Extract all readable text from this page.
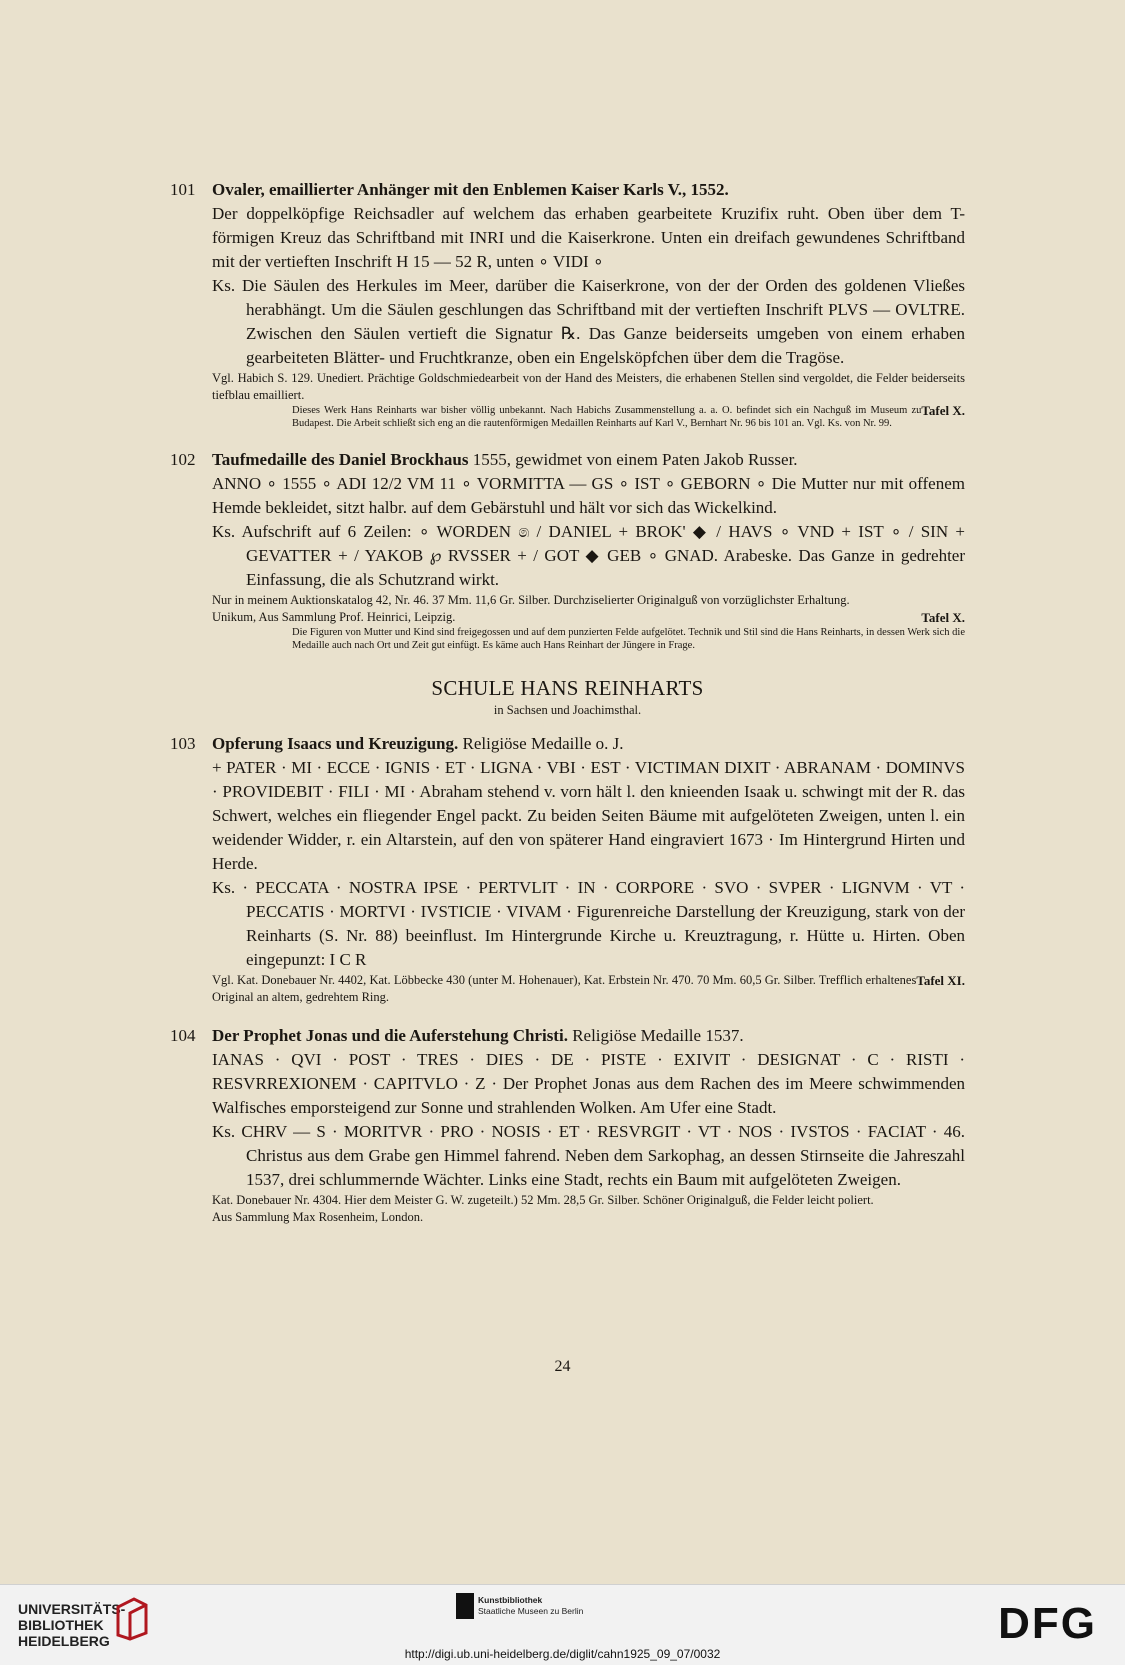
101 Ovaler, emaillierter Anhänger mit den Enblemen Kaiser Karls V., 1552.

Der doppelköpfige Reichsadler auf welchem das erhaben gearbeitete Kruzifix ruht. Oben über dem T-förmigen Kreuz das Schriftband mit INRI und die Kaiserkrone. Unten ein dreifach gewundenes Schriftband mit der vertieften Inschrift H 15 — 52 R, unten ∘ VIDI ∘

Ks. Die Säulen des Herkules im Meer, darüber die Kaiserkrone, von der der Orden des goldenen Vließes herabhängt. Um die Säulen geschlungen das Schriftband mit der vertieften Inschrift PLVS — OVLTRE. Zwischen den Säulen vertieft die Signatur ℞. Das Ganze beiderseits umgeben von einem erhaben gearbeiteten Blätter- und Fruchtkranze, oben ein Engelsköpfchen über dem die Tragöse.

Vgl. Habich S. 129. Unediert. Prächtige Goldschmiedearbeit von der Hand des Meisters, die erhabenen Stellen sind vergoldet, die Felder beiderseits tiefblau emailliert.

Tafel X.
Dieses Werk Hans Reinharts war bisher völlig unbekannt. Nach Habichs Zusammenstellung a. a. O. befindet sich ein Nachguß im Museum zu Budapest. Die Arbeit schließt sich eng an die rautenförmigen Medaillen Reinharts auf Karl V., Bernhart Nr. 96 bis 101 an. Vgl. Ks. von Nr. 99.

102 Taufmedaille des Daniel Brockhaus 1555, gewidmet von einem Paten Jakob Russer.

ANNO ∘ 1555 ∘ ADI 12/2 VM 11 ∘ VORMITTA — GS ∘ IST ∘ GEBORN ∘ Die Mutter nur mit offenem Hemde bekleidet, sitzt halbr. auf dem Gebärstuhl und hält vor sich das Wickelkind.

Ks. Aufschrift auf 6 Zeilen: ∘ WORDEN ෧ / DANIEL + BROK' ◆ / HAVS ∘ VND + IST ∘ / SIN + GEVATTER + / YAKOB ℘ RVSSER + / GOT ◆ GEB ∘ GNAD. Arabeske. Das Ganze in gedrehter Einfassung, die als Schutzrand wirkt.

Nur in meinem Auktionskatalog 42, Nr. 46. 37 Mm. 11,6 Gr. Silber. Durchziselierter Originalguß von vorzüglichster Erhaltung.

Tafel X.
Unikum, Aus Sammlung Prof. Heinrici, Leipzig.

Die Figuren von Mutter und Kind sind freigegossen und auf dem punzierten Felde aufgelötet. Technik und Stil sind die Hans Reinharts, in dessen Werk sich die Medaille auch nach Ort und Zeit gut einfügt. Es käme auch Hans Reinhart der Jüngere in Frage.

SCHULE HANS REINHARTS
in Sachsen und Joachimsthal.
103 Opferung Isaacs und Kreuzigung. Religiöse Medaille o. J.

+ PATER · MI · ECCE · IGNIS · ET · LIGNA · VBI · EST · VICTIMAN DIXIT · ABRANAM · DOMINVS · PROVIDEBIT · FILI · MI · Abraham stehend v. vorn hält l. den knieenden Isaak u. schwingt mit der R. das Schwert, welches ein fliegender Engel packt. Zu beiden Seiten Bäume mit aufgelöteten Zweigen, unten l. ein weidender Widder, r. ein Altarstein, auf den von späterer Hand eingraviert 1673 · Im Hintergrund Hirten und Herde.

Ks. · PECCATA · NOSTRA IPSE · PERTVLIT · IN · CORPORE · SVO · SVPER · LIGNVM · VT · PECCATIS · MORTVI · IVSTICIE · VIVAM · Figurenreiche Darstellung der Kreuzigung, stark von der Reinharts (S. Nr. 88) beeinflust. Im Hintergrunde Kirche u. Kreuztragung, r. Hütte u. Hirten. Oben eingepunzt: I C R

Tafel XI.
Vgl. Kat. Donebauer Nr. 4402, Kat. Löbbecke 430 (unter M. Hohenauer), Kat. Erbstein Nr. 470. 70 Mm. 60,5 Gr. Silber. Trefflich erhaltenes Original an altem, gedrehtem Ring.

104 Der Prophet Jonas und die Auferstehung Christi. Religiöse Medaille 1537.

IANAS · QVI · POST · TRES · DIES · DE · PISTE · EXIVIT · DESIGNAT · C · RISTI · RESVRREXIONEM · CAPITVLO · Z · Der Prophet Jonas aus dem Rachen des im Meere schwimmenden Walfisches emporsteigend zur Sonne und strahlenden Wolken. Am Ufer eine Stadt.

Ks. CHRV — S · MORITVR · PRO · NOSIS · ET · RESVRGIT · VT · NOS · IVSTOS · FACIAT · 46. Christus aus dem Grabe gen Himmel fahrend. Neben dem Sarkophag, an dessen Stirnseite die Jahreszahl 1537, drei schlummernde Wächter. Links eine Stadt, rechts ein Baum mit aufgelöteten Zweigen.

Kat. Donebauer Nr. 4304. Hier dem Meister G. W. zugeteilt.) 52 Mm. 28,5 Gr. Silber. Schöner Originalguß, die Felder leicht poliert.

Aus Sammlung Max Rosenheim, London.

24
UNIVERSITÄTS-
BIBLIOTHEK
HEIDELBERG
Kunstbibliothek
Staatliche Museen zu Berlin	DFG
http://digi.ub.uni-heidelberg.de/diglit/cahn1925_09_07/0032
